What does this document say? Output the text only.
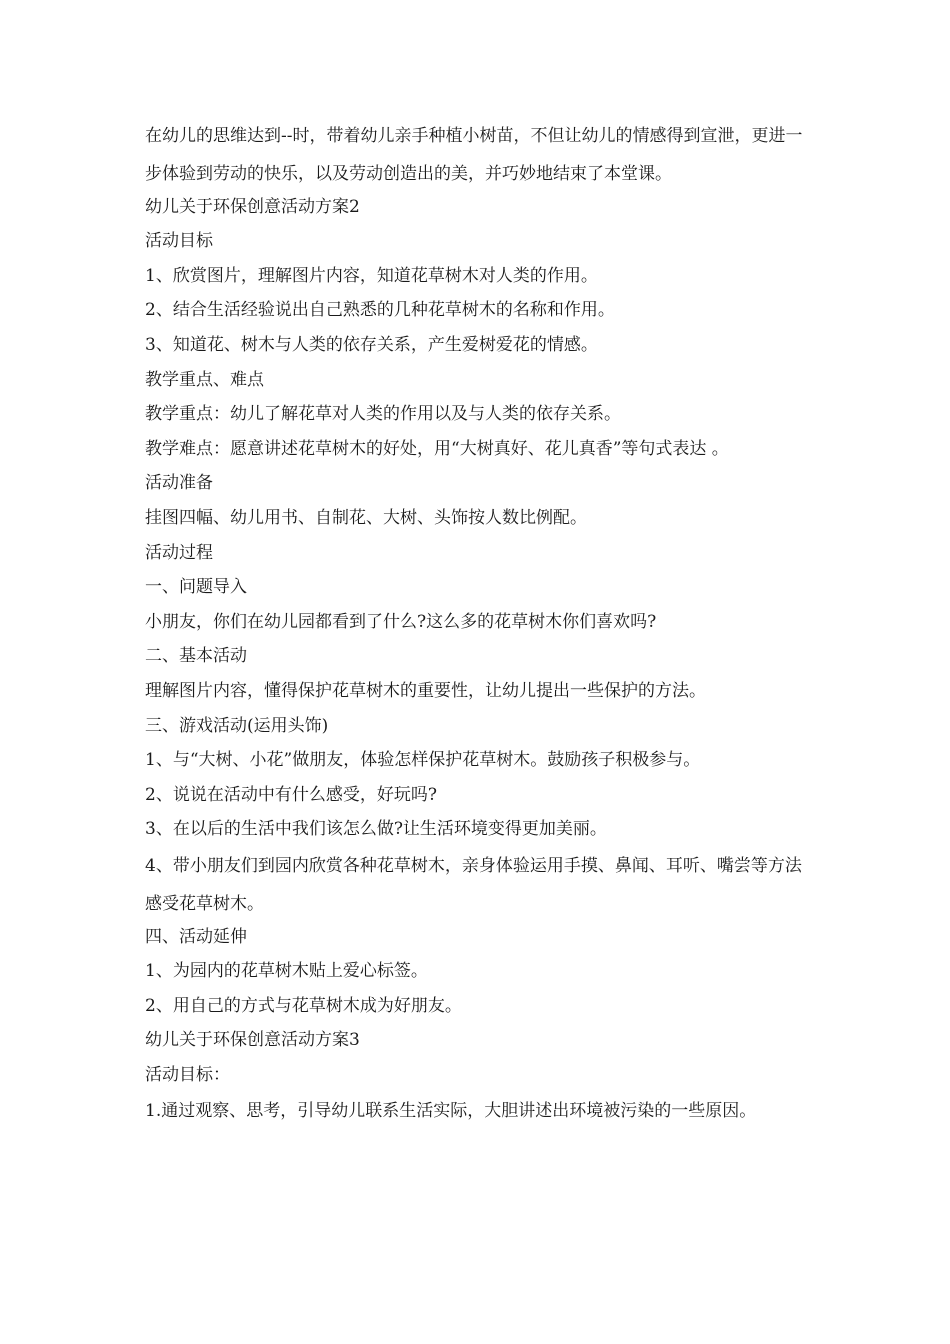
在幼儿的思维达到--时，带着幼儿亲手种植小树苗，不但让幼儿的情感得到宣泄，更进一步体验到劳动的快乐，以及劳动创造出的美，并巧妙地结束了本堂课。
幼儿关于环保创意活动方案2
活动目标
1、欣赏图片，理解图片内容，知道花草树木对人类的作用。
2、结合生活经验说出自己熟悉的几种花草树木的名称和作用。
3、知道花、树木与人类的依存关系，产生爱树爱花的情感。
教学重点、难点
教学重点：幼儿了解花草对人类的作用以及与人类的依存关系。
教学难点：愿意讲述花草树木的好处，用“大树真好、花儿真香”等句式表达 。
活动准备
挂图四幅、幼儿用书、自制花、大树、头饰按人数比例配。
活动过程
一、问题导入
小朋友，你们在幼儿园都看到了什么?这么多的花草树木你们喜欢吗?
二、基本活动
理解图片内容，懂得保护花草树木的重要性，让幼儿提出一些保护的方法。
三、游戏活动(运用头饰)
1、与“大树、小花”做朋友，体验怎样保护花草树木。鼓励孩子积极参与。
2、说说在活动中有什么感受，好玩吗?
3、在以后的生活中我们该怎么做?让生活环境变得更加美丽。
4、带小朋友们到园内欣赏各种花草树木，亲身体验运用手摸、鼻闻、耳听、嘴尝等方法感受花草树木。
四、活动延伸
1、为园内的花草树木贴上爱心标签。
2、用自己的方式与花草树木成为好朋友。
幼儿关于环保创意活动方案3
活动目标：
1.通过观察、思考，引导幼儿联系生活实际，大胆讲述出环境被污染的一些原因。
